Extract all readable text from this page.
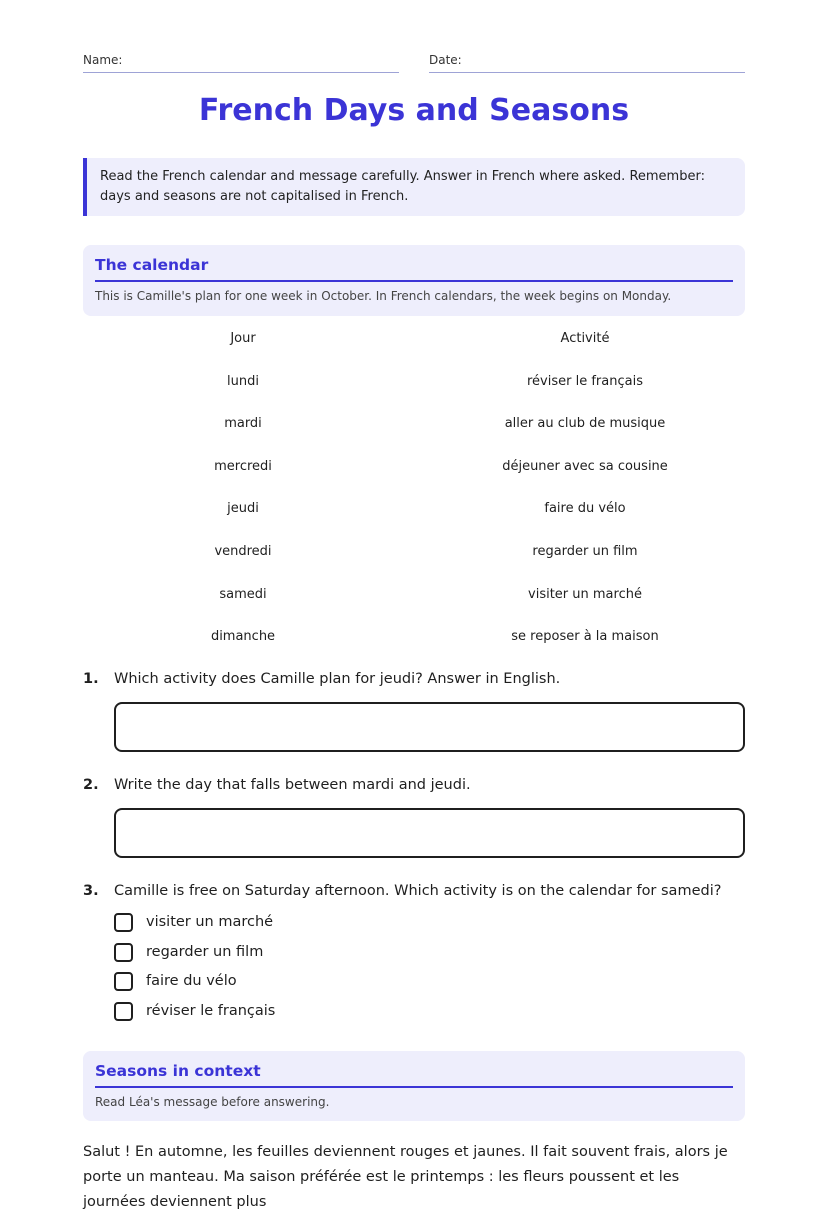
Name:	Date:
French Days and Seasons
Read the French calendar and message carefully. Answer in French where asked. Remember: days and seasons are not capitalised in French.
The calendar

This is Camille's plan for one week in October. In French calendars, the week begins on Monday.

Jour	Activité
lundi	réviser le français
mardi	aller au club de musique
mercredi	déjeuner avec sa cousine
jeudi	faire du vélo
vendredi	regarder un film
samedi	visiter un marché
dimanche	se reposer à la maison
1. Which activity does Camille plan for jeudi? Answer in English.
2. Write the day that falls between mardi and jeudi.
3. Camille is free on Saturday afternoon. Which activity is on the calendar for samedi?
visiter un marché
regarder un film
faire du vélo
réviser le français
Seasons in context

Read Léa's message before answering.

Salut ! En automne, les feuilles deviennent rouges et jaunes. Il fait souvent frais, alors je porte un manteau. Ma saison préférée est le printemps : les fleurs poussent et les journées deviennent plus
